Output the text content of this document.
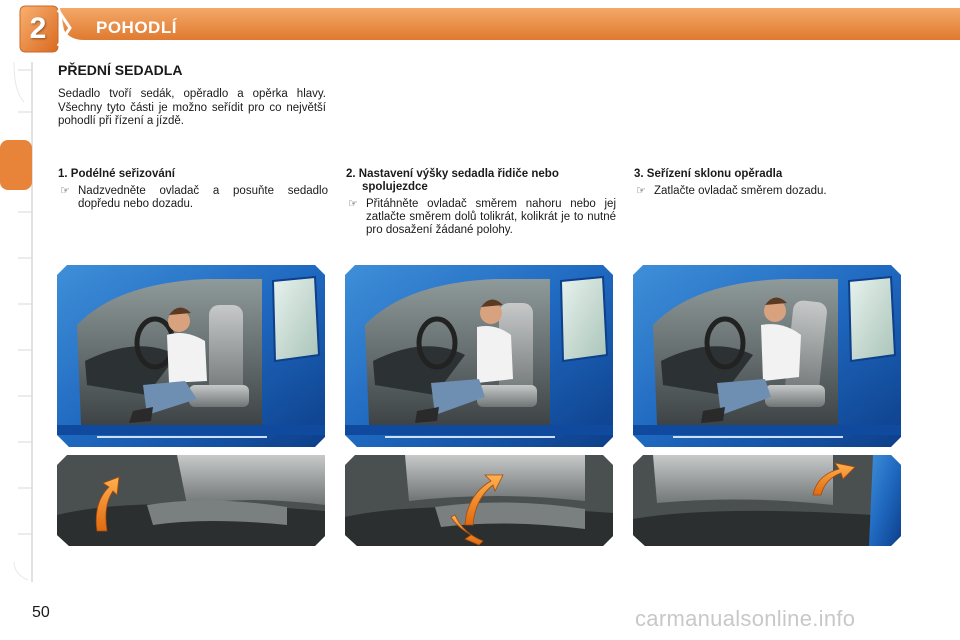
2	POHODLÍ
PŘEDNÍ SEDADLA

Sedadlo tvoří sedák, opěradlo a opěrka hlavy. Všechny tyto části je možno seřídit pro co největší pohodlí při řízení a jízdě.

1. Podélné seřizování
☞ Nadzvedněte ovladač a posuňte sedadlo dopředu nebo dozadu.
2. Nastavení výšky sedadla řidiče nebo spolujezdce
☞ Přitáhněte ovladač směrem nahoru nebo jej zatlačte směrem dolů tolikrát, kolikrát je to nutné pro dosažení žádané polohy.
3. Seřízení sklonu opěradla
☞ Zatlačte ovladač směrem dozadu.
50	carmanualsonline.info
